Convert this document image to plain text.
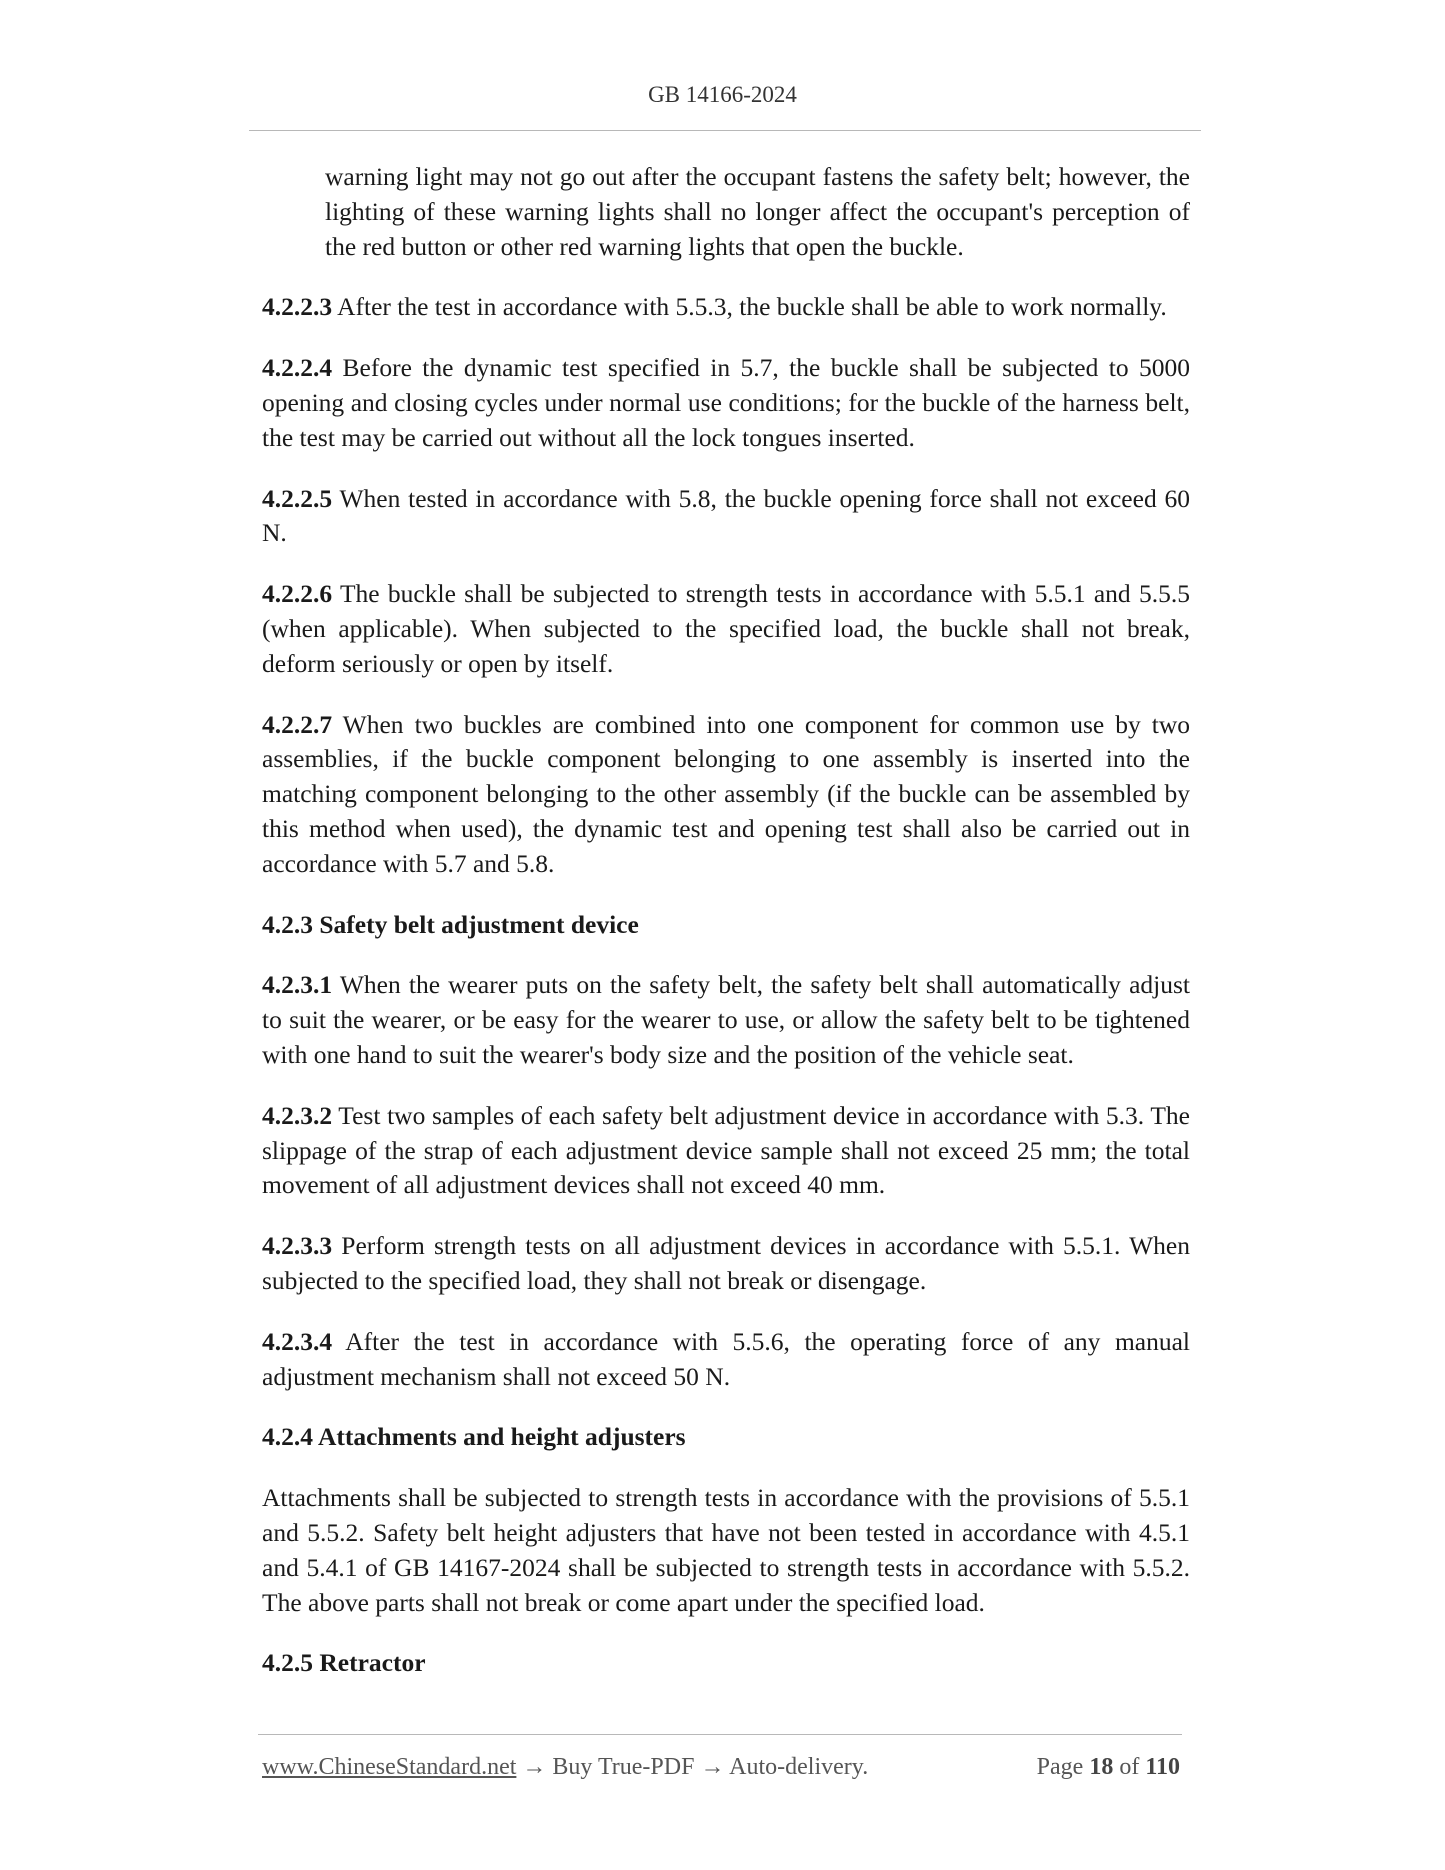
GB 14166-2024

warning light may not go out after the occupant fastens the safety belt; however, the lighting of these warning lights shall no longer affect the occupant's perception of the red button or other red warning lights that open the buckle.

4.2.2.3 After the test in accordance with 5.5.3, the buckle shall be able to work normally.

4.2.2.4 Before the dynamic test specified in 5.7, the buckle shall be subjected to 5000 opening and closing cycles under normal use conditions; for the buckle of the harness belt, the test may be carried out without all the lock tongues inserted.

4.2.2.5 When tested in accordance with 5.8, the buckle opening force shall not exceed 60 N.

4.2.2.6 The buckle shall be subjected to strength tests in accordance with 5.5.1 and 5.5.5 (when applicable). When subjected to the specified load, the buckle shall not break, deform seriously or open by itself.

4.2.2.7 When two buckles are combined into one component for common use by two assemblies, if the buckle component belonging to one assembly is inserted into the matching component belonging to the other assembly (if the buckle can be assembled by this method when used), the dynamic test and opening test shall also be carried out in accordance with 5.7 and 5.8.

4.2.3 Safety belt adjustment device

4.2.3.1 When the wearer puts on the safety belt, the safety belt shall automatically adjust to suit the wearer, or be easy for the wearer to use, or allow the safety belt to be tightened with one hand to suit the wearer's body size and the position of the vehicle seat.

4.2.3.2 Test two samples of each safety belt adjustment device in accordance with 5.3. The slippage of the strap of each adjustment device sample shall not exceed 25 mm; the total movement of all adjustment devices shall not exceed 40 mm.

4.2.3.3 Perform strength tests on all adjustment devices in accordance with 5.5.1. When subjected to the specified load, they shall not break or disengage.

4.2.3.4 After the test in accordance with 5.5.6, the operating force of any manual adjustment mechanism shall not exceed 50 N.

4.2.4 Attachments and height adjusters

Attachments shall be subjected to strength tests in accordance with the provisions of 5.5.1 and 5.5.2. Safety belt height adjusters that have not been tested in accordance with 4.5.1 and 5.4.1 of GB 14167-2024 shall be subjected to strength tests in accordance with 5.5.2. The above parts shall not break or come apart under the specified load.

4.2.5 Retractor

www.ChineseStandard.net → Buy True-PDF → Auto-delivery.	Page 18 of 110
